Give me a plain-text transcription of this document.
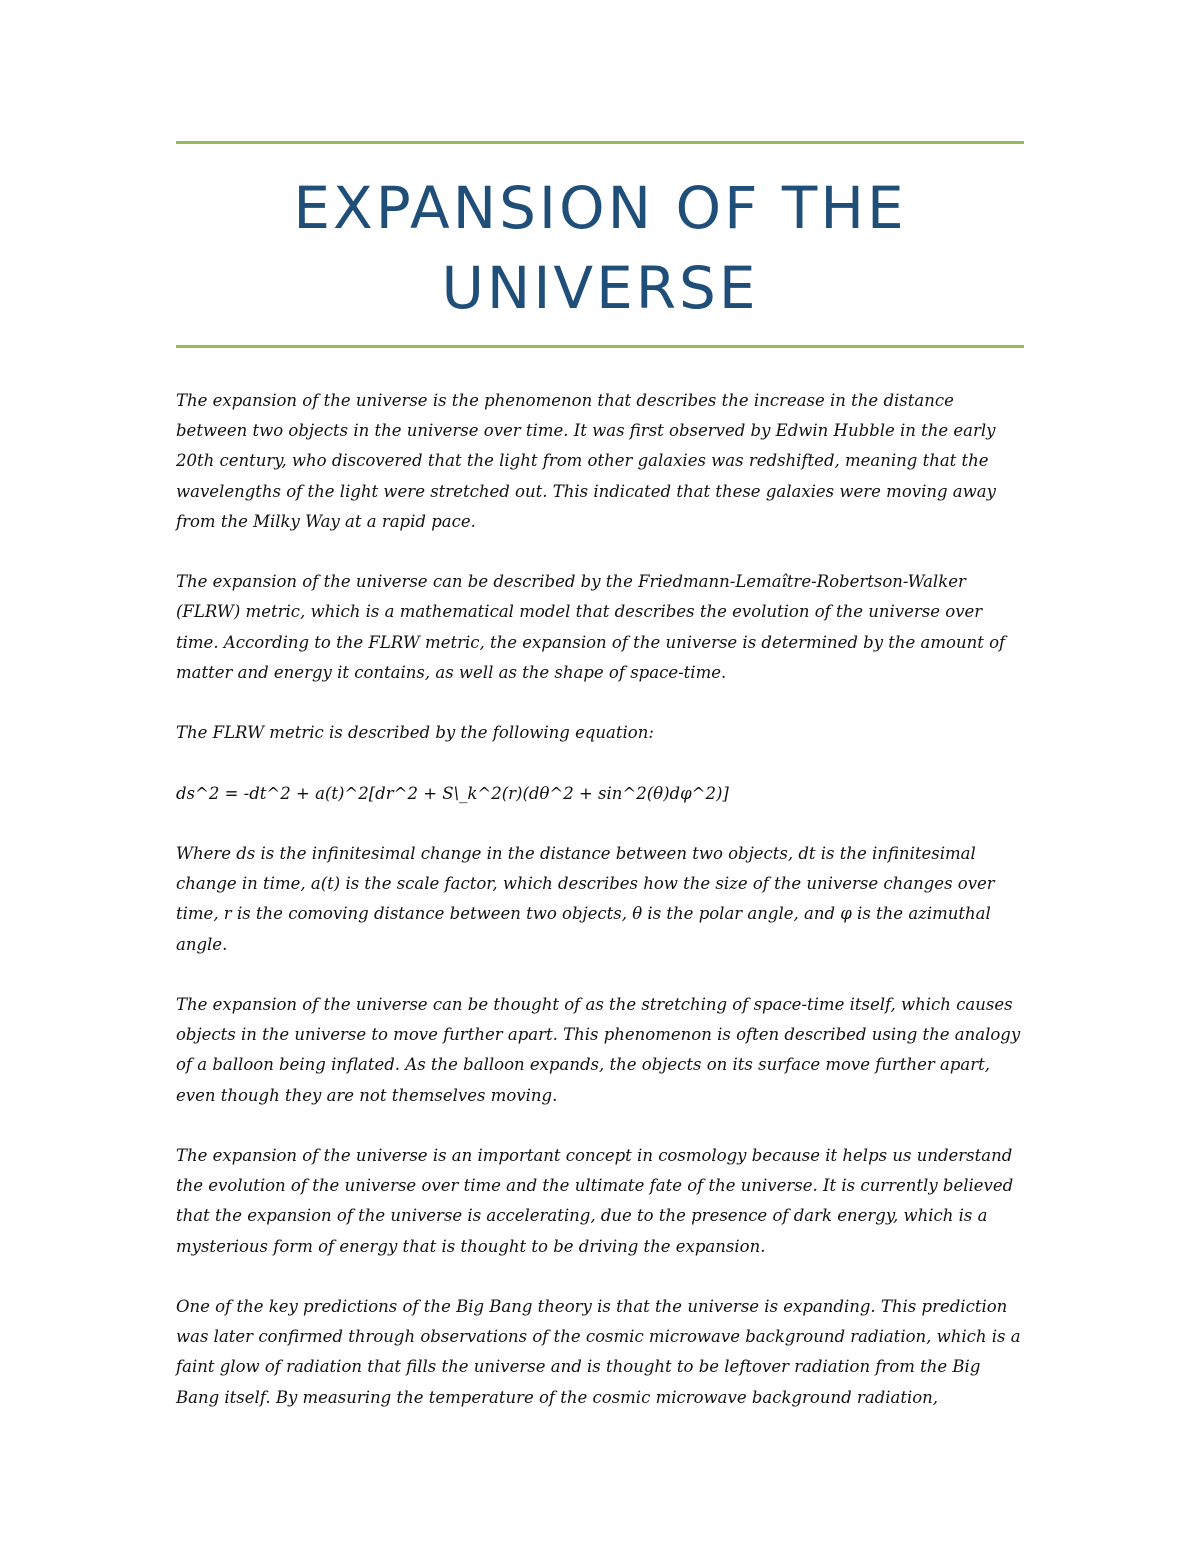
EXPANSION OF THE
UNIVERSE

The expansion of the universe is the phenomenon that describes the increase in the distance between two objects in the universe over time. It was first observed by Edwin Hubble in the early 20th century, who discovered that the light from other galaxies was redshifted, meaning that the wavelengths of the light were stretched out. This indicated that these galaxies were moving away from the Milky Way at a rapid pace.

The expansion of the universe can be described by the Friedmann-Lemaître-Robertson-Walker (FLRW) metric, which is a mathematical model that describes the evolution of the universe over time. According to the FLRW metric, the expansion of the universe is determined by the amount of matter and energy it contains, as well as the shape of space-time.

The FLRW metric is described by the following equation:

ds^2 = -dt^2 + a(t)^2[dr^2 + S\_k^2(r)(dθ^2 + sin^2(θ)dφ^2)]

Where ds is the infinitesimal change in the distance between two objects, dt is the infinitesimal change in time, a(t) is the scale factor, which describes how the size of the universe changes over time, r is the comoving distance between two objects, θ is the polar angle, and φ is the azimuthal angle.

The expansion of the universe can be thought of as the stretching of space-time itself, which causes objects in the universe to move further apart. This phenomenon is often described using the analogy of a balloon being inflated. As the balloon expands, the objects on its surface move further apart, even though they are not themselves moving.

The expansion of the universe is an important concept in cosmology because it helps us understand the evolution of the universe over time and the ultimate fate of the universe. It is currently believed that the expansion of the universe is accelerating, due to the presence of dark energy, which is a mysterious form of energy that is thought to be driving the expansion.

One of the key predictions of the Big Bang theory is that the universe is expanding. This prediction was later confirmed through observations of the cosmic microwave background radiation, which is a faint glow of radiation that fills the universe and is thought to be leftover radiation from the Big Bang itself. By measuring the temperature of the cosmic microwave background radiation,
